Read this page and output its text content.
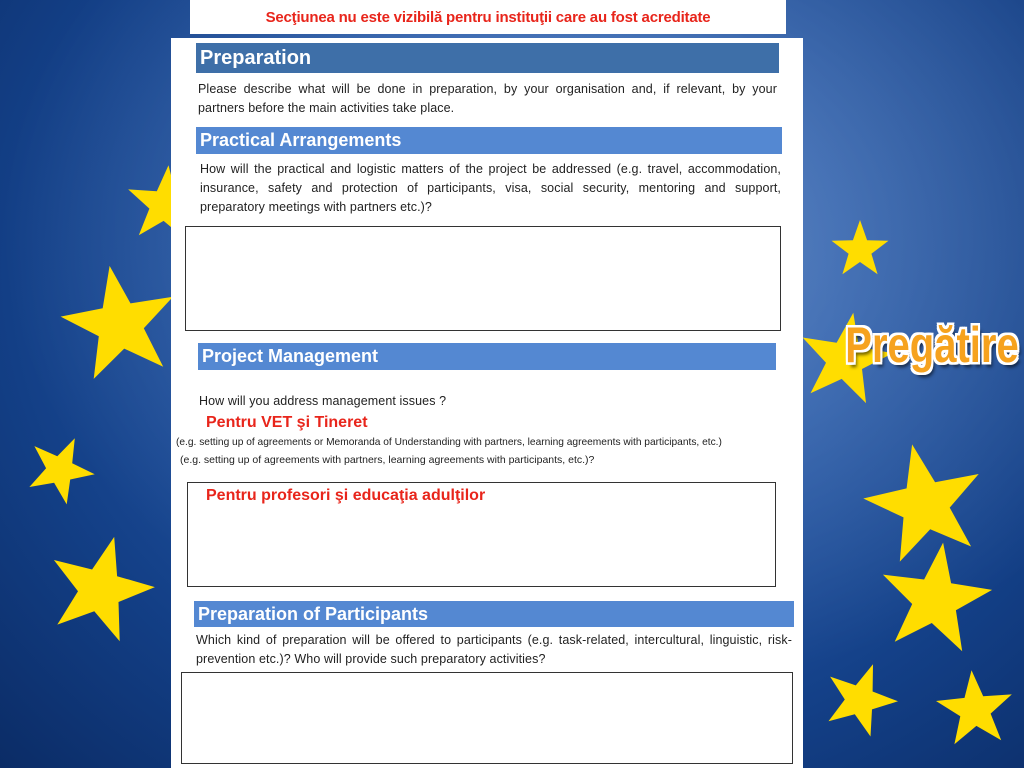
Secţiunea nu este vizibilă pentru instituţii care au fost acreditate
Preparation
Please describe what will be done in preparation, by your organisation and, if relevant, by your partners before the main activities take place.
Practical Arrangements
How will the practical and logistic matters of the project be addressed (e.g. travel, accommodation, insurance, safety and protection of participants, visa, social security, mentoring and support, preparatory meetings with partners etc.)?
Project Management
How will you address management issues ?
Preparation of Participants
Which kind of preparation will be offered to participants (e.g. task-related, intercultural, linguistic, risk-prevention etc.)? Who will provide such preparatory activities?
Pentru VET şi Tineret
(e.g. setting up of agreements or Memoranda of Understanding with partners, learning agreements with participants, etc.)
(e.g. setting up of agreements with partners, learning agreements with participants, etc.)?
Pentru profesori şi educaţia adulţilor
Pregătire
